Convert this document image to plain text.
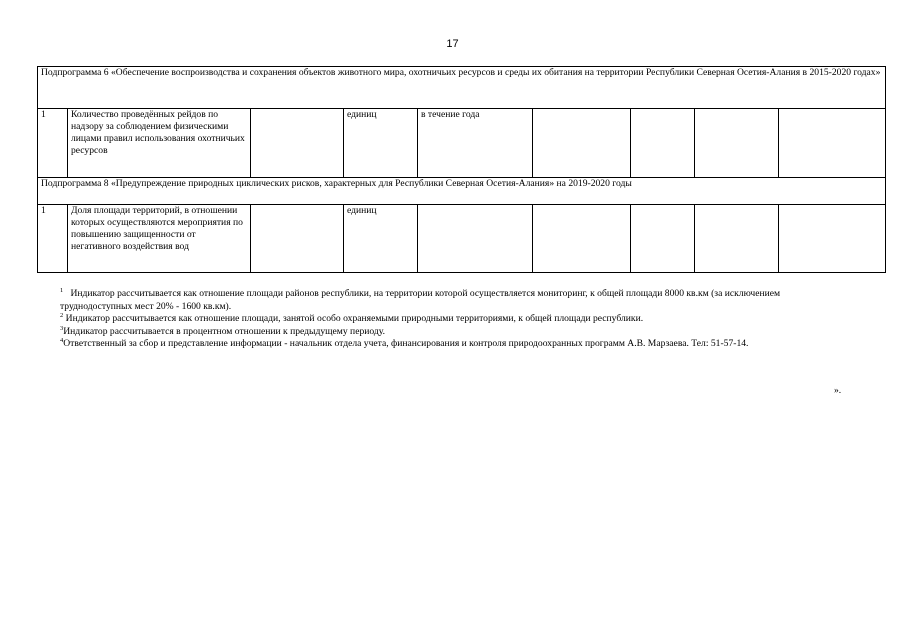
17
Подпрограмма 6 «Обеспечение воспроизводства и сохранения объектов животного мира, охотничьих ресурсов и среды их обитания на территории Республики Северная Осетия-Алания в 2015-2020 годах»								
1	Количество проведённых рейдов по надзору за соблюдением физическими лицами правил использования охотничьих ресурсов		единиц	в течение года				
Подпрограмма 8 «Предупреждение природных циклических рисков, характерных для Республики Северная Осетия-Алания» на 2019-2020 годы								
1	Доля площади территорий, в отношении которых осуществляются мероприятия по повышению защищенности от негативного воздействия вод		единиц					

$^1$ Индикатор рассчитывается как отношение площади районов республики, на территории которой осуществляется мониторинг, к общей площади 8000 кв.км (за исключением труднодоступных мест 20% - 1600 кв.км).

$^2$ Индикатор рассчитывается как отношение площади, занятой особо охраняемыми природными территориями, к общей площади республики.

$^3$Индикатор рассчитывается в процентном отношении к предыдущему периоду.

$^4$Ответственный за сбор и представление информации - начальник отдела учета, финансирования и контроля природоохранных программ А.В. Марзаева. Тел: 51-57-14.

».
